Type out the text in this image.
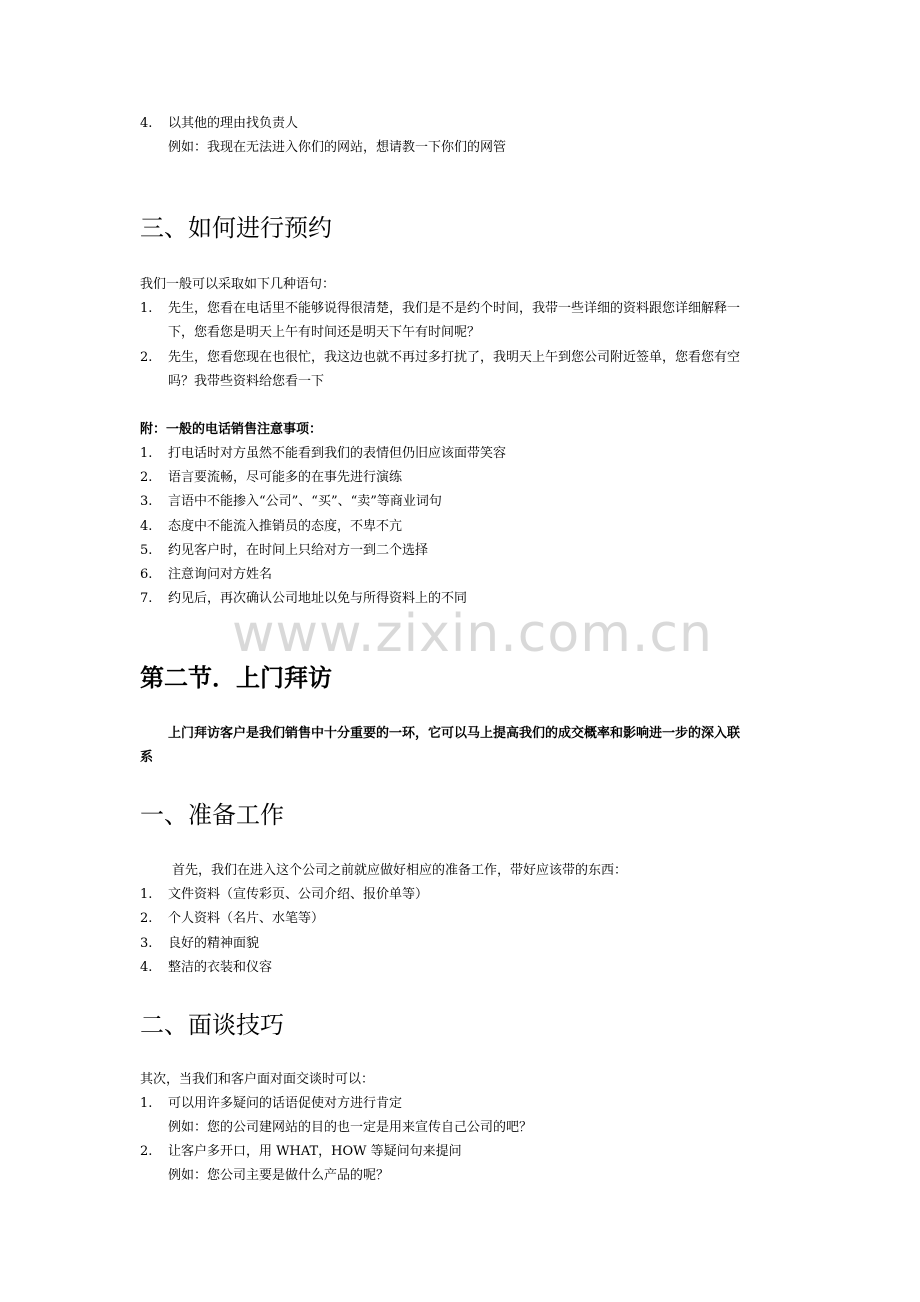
4.	以其他的理由找负责人
例如：我现在无法进入你们的网站，想请教一下你们的网管
三、如何进行预约
我们一般可以采取如下几种语句：
1.	先生，您看在电话里不能够说得很清楚，我们是不是约个时间，我带一些详细的资料跟您详细解释一
下，您看您是明天上午有时间还是明天下午有时间呢？
2.	先生，您看您现在也很忙，我这边也就不再过多打扰了，我明天上午到您公司附近签单，您看您有空
吗？我带些资料给您看一下
附：一般的电话销售注意事项：
1.	打电话时对方虽然不能看到我们的表情但仍旧应该面带笑容
2.	语言要流畅，尽可能多的在事先进行演练
3.	言语中不能掺入“公司”、“买”、“卖”等商业词句
4.	态度中不能流入推销员的态度，不卑不亢
5.	约见客户时，在时间上只给对方一到二个选择
6.	注意询问对方姓名
7.	约见后，再次确认公司地址以免与所得资料上的不同
www.zixin.com.cn
第二节．上门拜访
上门拜访客户是我们销售中十分重要的一环，它可以马上提高我们的成交概率和影响进一步的深入联
系
一、准备工作
首先，我们在进入这个公司之前就应做好相应的准备工作，带好应该带的东西：
1.	文件资料（宣传彩页、公司介绍、报价单等）
2.	个人资料（名片、水笔等）
3.	良好的精神面貌
4.	整洁的衣装和仪容
二、面谈技巧
其次，当我们和客户面对面交谈时可以：
1.	可以用许多疑问的话语促使对方进行肯定
例如：您的公司建网站的目的也一定是用来宣传自己公司的吧？
2.	让客户多开口，用 WHAT，HOW 等疑问句来提问
例如：您公司主要是做什么产品的呢？
